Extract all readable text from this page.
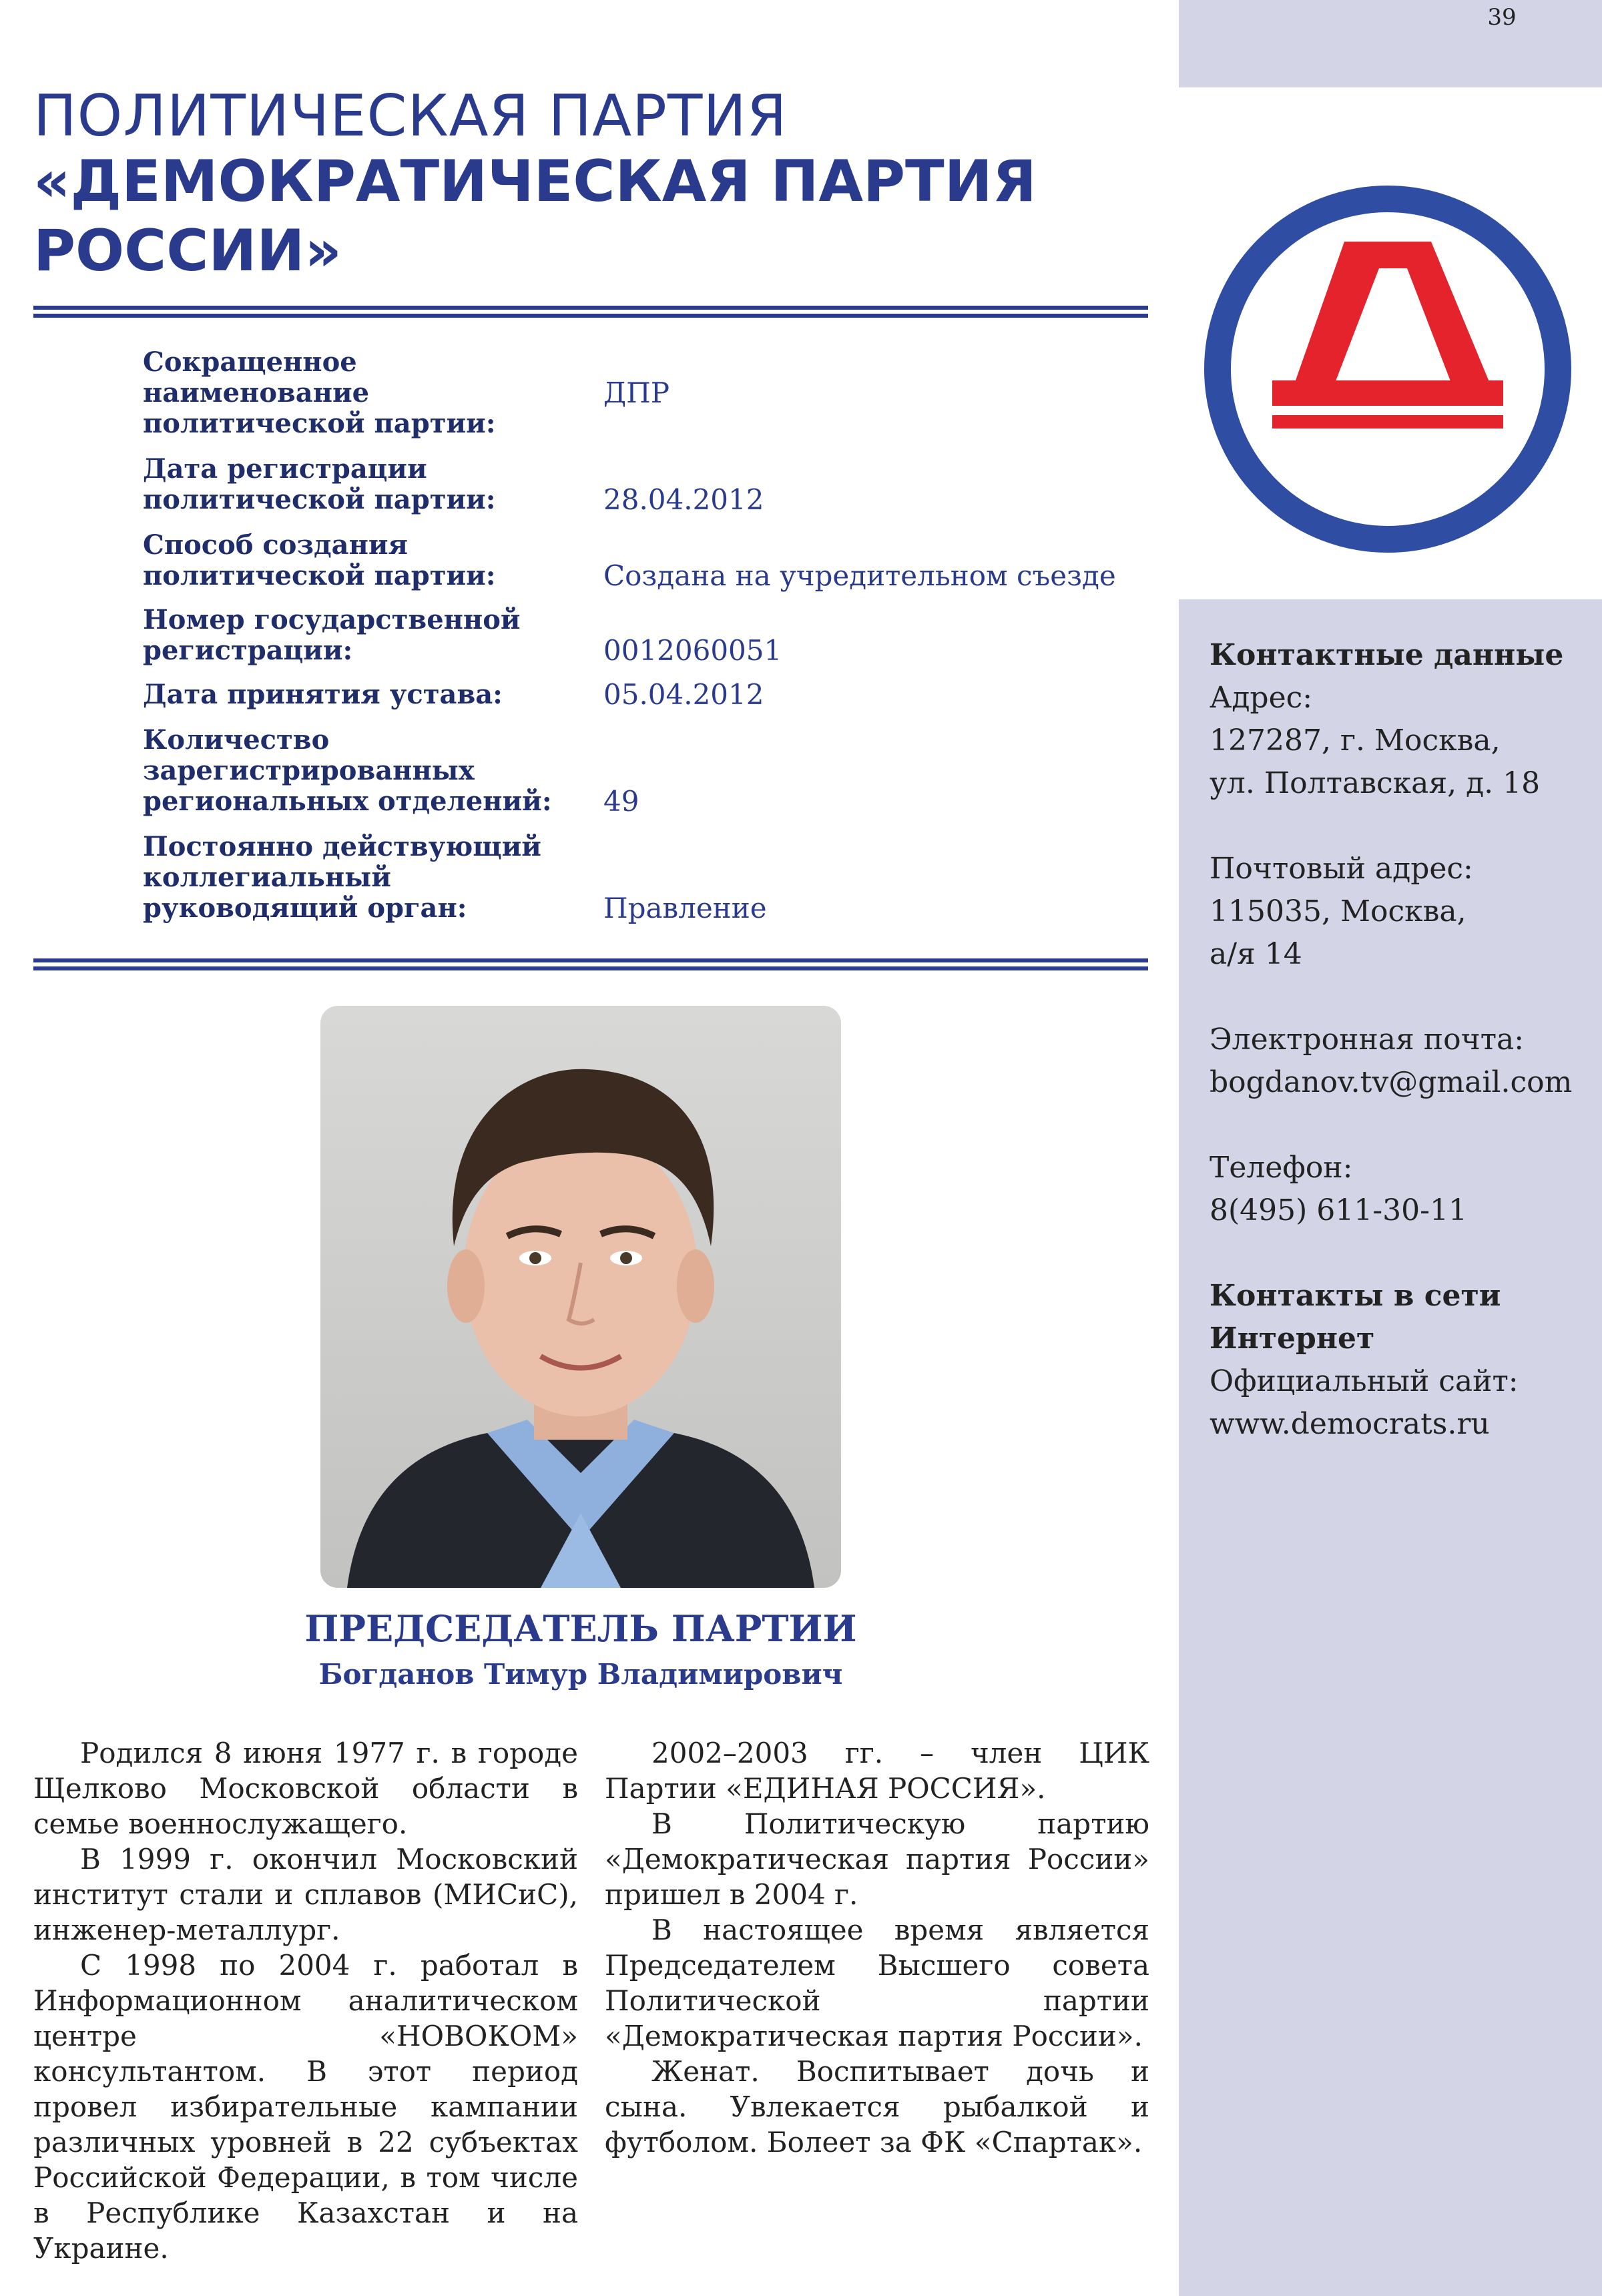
39
ПОЛИТИЧЕСКАЯ ПАРТИЯ
«ДЕМОКРАТИЧЕСКАЯ ПАРТИЯ
РОССИИ»
Сокращенное наименование политической партии:
ДПР
Дата регистрации политической партии:	28.04.2012
Способ создания политической партии:	Создана на учредительном съезде
Номер государственной регистрации:	0012060051
Дата принятия устава:	05.04.2012
Количество зарегистрированных региональных отделений:	49
Постоянно действующий коллегиальный руководящий орган:	Правление
ПРЕДСЕДАТЕЛЬ ПАРТИИ
Богданов Тимур Владимирович

Родился 8 июня 1977 г. в городе Щелково Московской области в семье военнослужащего.

В 1999 г. окончил Московский институт стали и сплавов (МИСиС), инженер-металлург.

С 1998 по 2004 г. работал в Информационном аналитическом центре «НОВОКОМ» консультантом. В этот период провел избирательные кампании различных уровней в 22 субъектах Российской Федерации, в том числе в Республике Казахстан и на Украине.

2002–2003 гг. – член ЦИК Партии «ЕДИНАЯ РОССИЯ».

В Политическую партию «Демократическая партия России» пришел в 2004 г.

В настоящее время является Председателем Высшего совета Политической партии «Демократическая партия России».

Женат. Воспитывает дочь и сына. Увлекается рыбалкой и футболом. Болеет за ФК «Спартак».

Контактные данные
Адрес:
127287, г. Москва,
ул. Полтавская, д. 18
Почтовый адрес:
115035, Москва,
а/я 14
Электронная почта:
bogdanov.tv@gmail.com
Телефон:
8(495) 611-30-11
Контакты в сети
Интернет
Официальный сайт:
www.democrats.ru
